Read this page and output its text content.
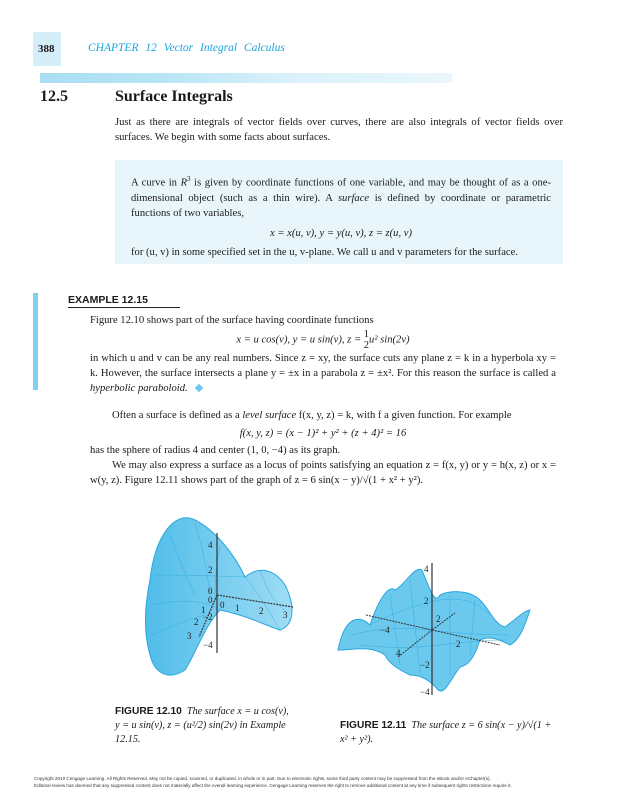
388	CHAPTER 12 Vector Integral Calculus
12.5	Surface Integrals

Just as there are integrals of vector fields over curves, there are also integrals of vector fields over surfaces. We begin with some facts about surfaces.

A curve in $R^3$ is given by coordinate functions of one variable, and may be thought of as a one-dimensional object (such as a thin wire). A surface is defined by coordinate or parametric functions of two variables,

x = x(u, v), y = y(u, v), z = z(u, v)

for (u, v) in some specified set in the u, v-plane. We call u and v parameters for the surface.

EXAMPLE 12.15

Figure 12.10 shows part of the surface having coordinate functions

x = u cos(v), y = u sin(v), z = 1
2u² sin(2v)

in which u and v can be any real numbers. Since z = xy, the surface cuts any plane z = k in a hyperbola xy = k. However, the surface intersects a plane y = ±x in a parabola z = ±x². For this reason the surface is called a hyperbolic paraboloid.

Often a surface is defined as a level surface f(x, y, z) = k, with f a given function. For example

f(x, y, z) = (x − 1)² + y² + (z + 4)² = 16

has the sphere of radius 4 and center (1, 0, −4) as its graph.

We may also express a surface as a locus of points satisfying an equation z = f(x, y) or y = h(x, z) or x = w(y, z). Figure 12.11 shows part of the graph of z = 6 sin(x − y)/√(1 + x² + y²).

4
2
0
−2
−4
0 1 2 3
0
1
2
3
4
2
−2
−4
−4
2
4
2
FIGURE 12.10 The surface x = u cos(v), y = u sin(v), z = (u²/2) sin(2v) in Example 12.15.
FIGURE 12.11 The surface z = 6 sin(x − y)/√(1 + x² + y²).
Copyright 2010 Cengage Learning. All Rights Reserved. May not be copied, scanned, or duplicated, in whole or in part. Due to electronic rights, some third party content may be suppressed from the eBook and/or eChapter(s).
Editorial review has deemed that any suppressed content does not materially affect the overall learning experience. Cengage Learning reserves the right to remove additional content at any time if subsequent rights restrictions require it.
